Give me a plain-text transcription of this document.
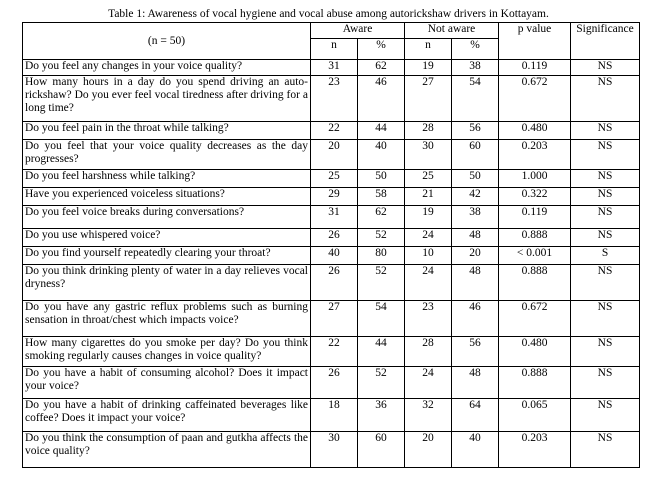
Table 1: Awareness of vocal hygiene and vocal abuse among autorickshaw drivers in Kottayam.
(n = 50)	Aware		Not aware		p value	Significance
	n	%	n	%		
Do you feel any changes in your voice quality?	31	62	19	38	0.119	NS
How many hours in a day do you spend driving an auto-rickshaw? Do you ever feel vocal tiredness after driving for a long time?	23	46	27	54	0.672	NS
Do you feel pain in the throat while talking?	22	44	28	56	0.480	NS
Do you feel that your voice quality decreases as the day progresses?	20	40	30	60	0.203	NS
Do you feel harshness while talking?	25	50	25	50	1.000	NS
Have you experienced voiceless situations?	29	58	21	42	0.322	NS
Do you feel voice breaks during conversations?	31	62	19	38	0.119	NS
Do you use whispered voice?	26	52	24	48	0.888	NS
Do you find yourself repeatedly clearing your throat?	40	80	10	20	< 0.001	S
Do you think drinking plenty of water in a day relieves vocal dryness?	26	52	24	48	0.888	NS
Do you have any gastric reflux problems such as burning sensation in throat/chest which impacts voice?	27	54	23	46	0.672	NS
How many cigarettes do you smoke per day? Do you think smoking regularly causes changes in voice quality?	22	44	28	56	0.480	NS
Do you have a habit of consuming alcohol? Does it impact your voice?	26	52	24	48	0.888	NS
Do you have a habit of drinking caffeinated beverages like coffee? Does it impact your voice?	18	36	32	64	0.065	NS
Do you think the consumption of paan and gutkha affects the voice quality?	30	60	20	40	0.203	NS
